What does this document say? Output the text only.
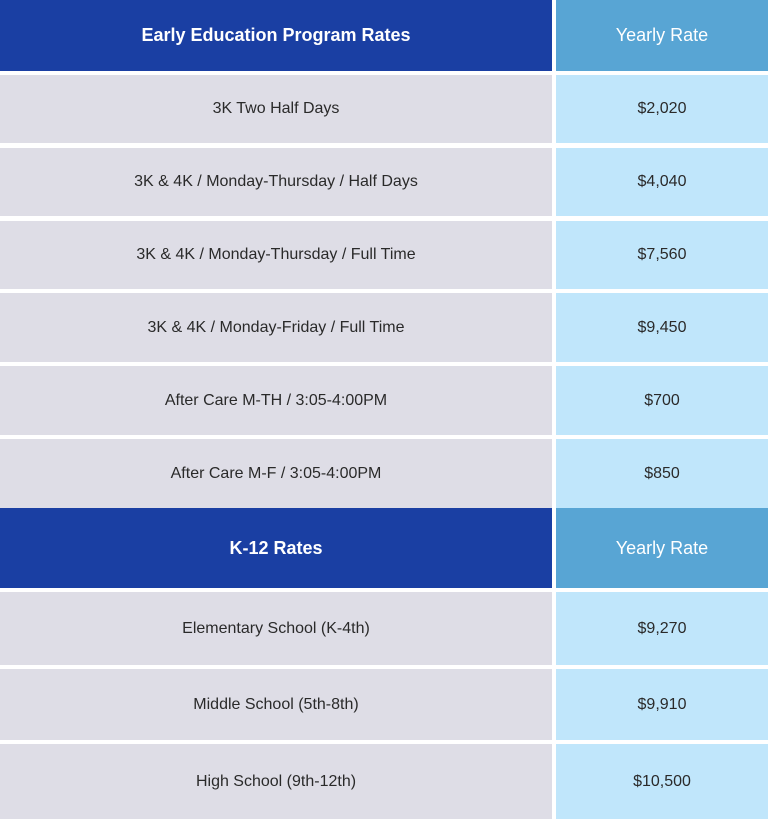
Early Education Program Rates	Yearly Rate
3K Two Half Days	$2,020
3K & 4K / Monday-Thursday / Half Days	$4,040
3K & 4K / Monday-Thursday / Full Time	$7,560
3K & 4K / Monday-Friday / Full Time	$9,450
After Care M-TH / 3:05-4:00PM	$700
After Care M-F / 3:05-4:00PM	$850
K-12 Rates	Yearly Rate
Elementary School (K-4th)	$9,270
Middle School (5th-8th)	$9,910
High School (9th-12th)	$10,500
